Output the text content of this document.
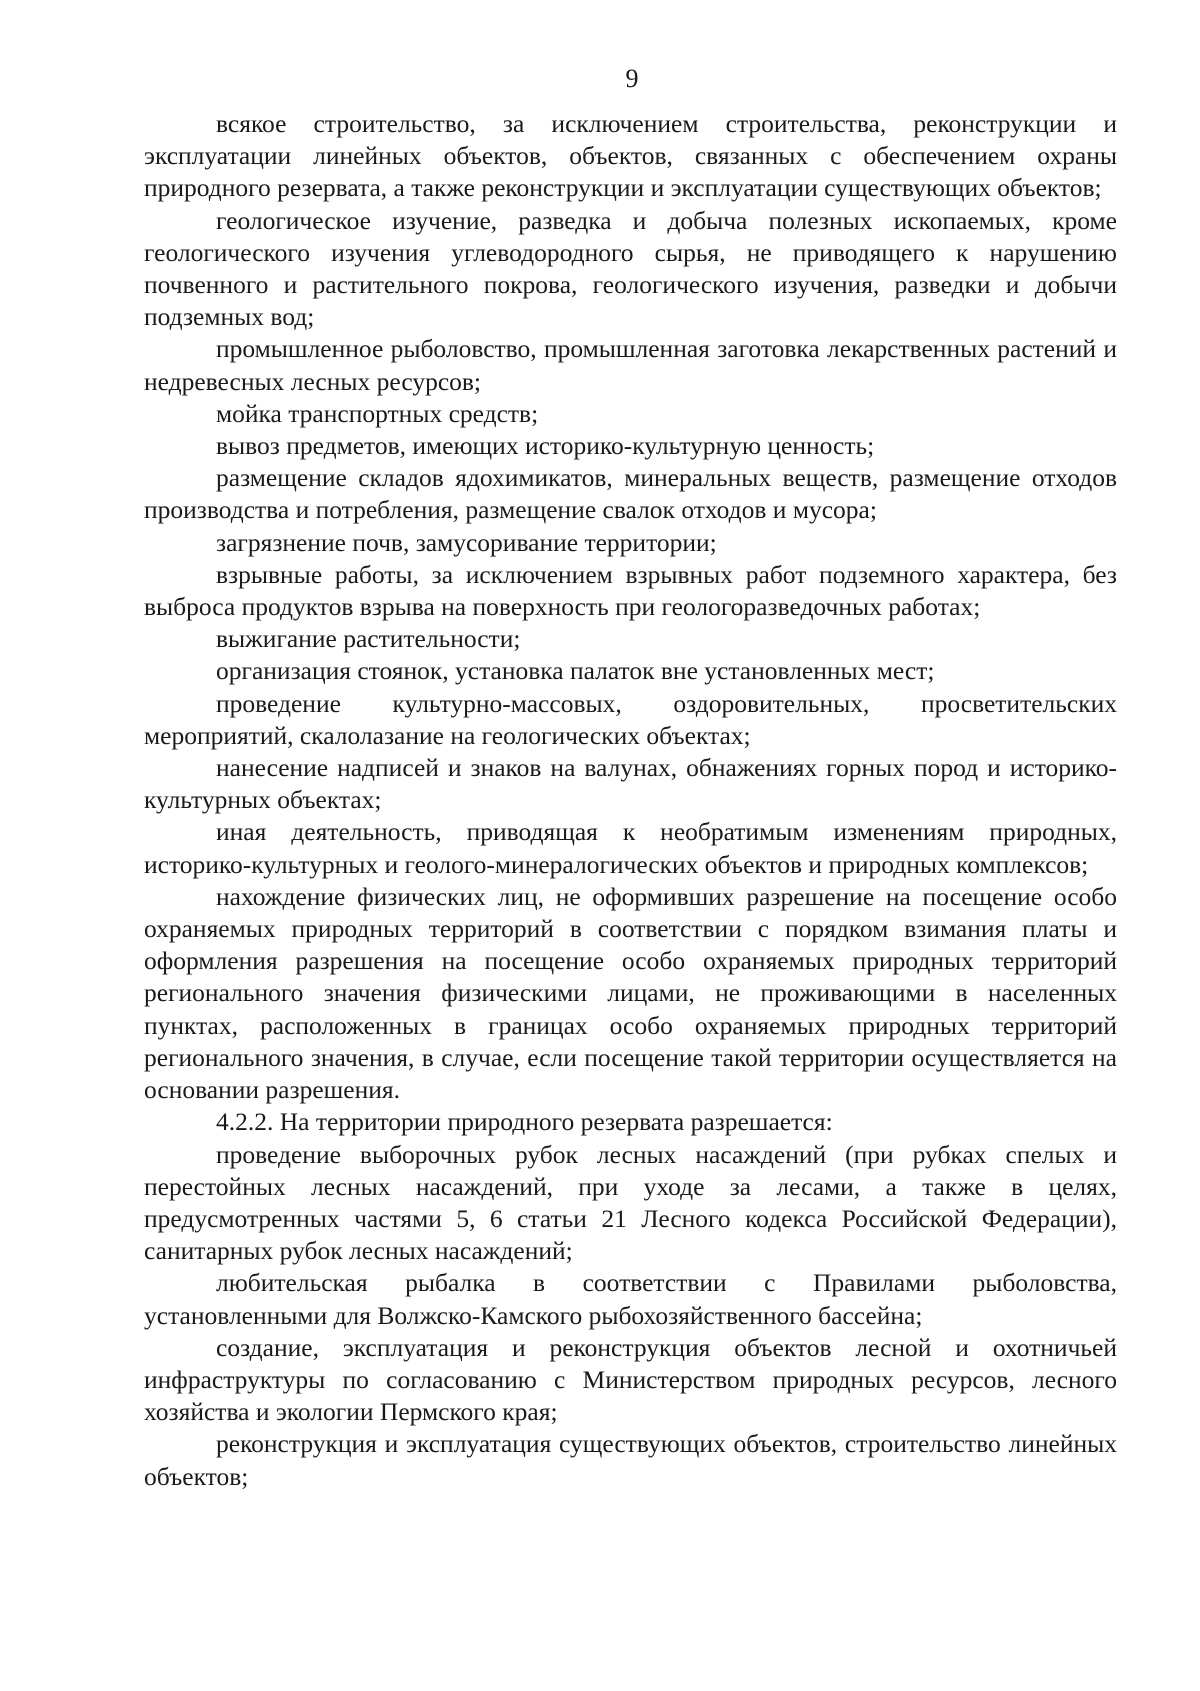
9

всякое строительство, за исключением строительства, реконструкции и эксплуатации линейных объектов, объектов, связанных с обеспечением охраны природного резервата, а также реконструкции и эксплуатации существующих объектов;

геологическое изучение, разведка и добыча полезных ископаемых, кроме геологического изучения углеводородного сырья, не приводящего к нарушению почвенного и растительного покрова, геологического изучения, разведки и добычи подземных вод;

промышленное рыболовство, промышленная заготовка лекарственных растений и недревесных лесных ресурсов;

мойка транспортных средств;

вывоз предметов, имеющих историко-культурную ценность;

размещение складов ядохимикатов, минеральных веществ, размещение отходов производства и потребления, размещение свалок отходов и мусора;

загрязнение почв, замусоривание территории;

взрывные работы, за исключением взрывных работ подземного характера, без выброса продуктов взрыва на поверхность при геологоразведочных работах;

выжигание растительности;

организация стоянок, установка палаток вне установленных мест;

проведение культурно-массовых, оздоровительных, просветительских мероприятий, скалолазание на геологических объектах;

нанесение надписей и знаков на валунах, обнажениях горных пород и историко-культурных объектах;

иная деятельность, приводящая к необратимым изменениям природных, историко-культурных и геолого-минералогических объектов и природных комплексов;

нахождение физических лиц, не оформивших разрешение на посещение особо охраняемых природных территорий в соответствии с порядком взимания платы и оформления разрешения на посещение особо охраняемых природных территорий регионального значения физическими лицами, не проживающими в населенных пунктах, расположенных в границах особо охраняемых природных территорий регионального значения, в случае, если посещение такой территории осуществляется на основании разрешения.

4.2.2. На территории природного резервата разрешается:

проведение выборочных рубок лесных насаждений (при рубках спелых и перестойных лесных насаждений, при уходе за лесами, а также в целях, предусмотренных частями 5, 6 статьи 21 Лесного кодекса Российской Федерации), санитарных рубок лесных насаждений;

любительская рыбалка в соответствии с Правилами рыболовства, установленными для Волжско-Камского рыбохозяйственного бассейна;

создание, эксплуатация и реконструкция объектов лесной и охотничьей инфраструктуры по согласованию с Министерством природных ресурсов, лесного хозяйства и экологии Пермского края;

реконструкция и эксплуатация существующих объектов, строительство линейных объектов;
